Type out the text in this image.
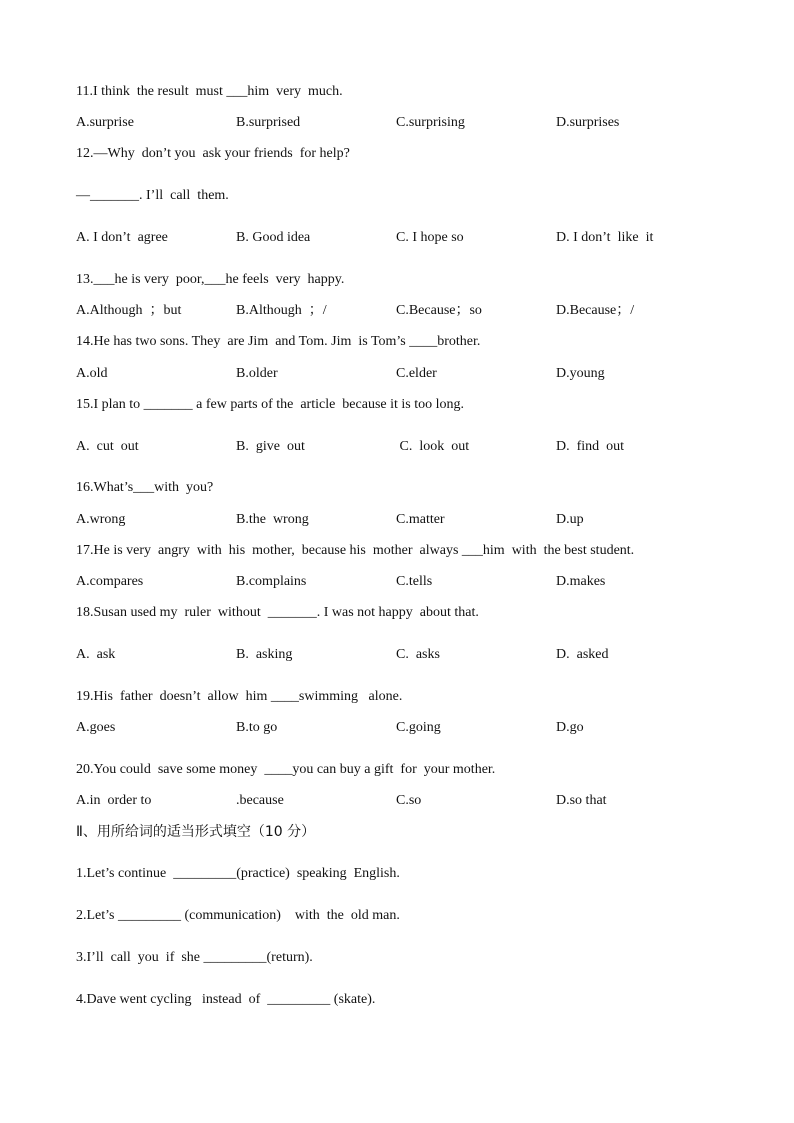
11.I think  the result  must ___him  very  much.
A.surprise	B.surprised	C.surprising	D.surprises
12.—Why  don’t you  ask your friends  for help?
—_______. I’ll  call  them.
A. I don’t  agree	B. Good idea	C. I hope so	D. I don’t  like  it
13.___he is very  poor,___he feels  very  happy.
A.Although  ；but	B.Although  ；/	C.Because；so	D.Because；/
14.He has two sons. They  are Jim  and Tom. Jim  is Tom’s ____brother.
A.old	B.older	C.elder	D.young
15.I plan to _______ a few parts of the  article  because it is too long.
A.  cut  out	B.  give  out	C.  look  out	D.  find  out
16.What’s___with  you?
A.wrong	B.the  wrong	C.matter	D.up
17.He is very  angry  with  his  mother,  because his  mother  always ___him  with  the best student.
A.compares	B.complains	C.tells	D.makes
18.Susan used my  ruler  without  _______. I was not happy  about that.
A.  ask	B.  asking	C.  asks	D.  asked
19.His  father  doesn’t  allow  him ____swimming   alone.
A.goes	B.to go	C.going	D.go
20.You could  save some money  ____you can buy a gift  for  your mother.
A.in  order to	.because	C.so	D.so that
Ⅱ、用所给词的适当形式填空（10 分）
1.Let’s continue  _________(practice)  speaking  English.
2.Let’s _________ (communication)    with  the  old man.
3.I’ll  call  you  if  she _________(return).
4.Dave went cycling   instead  of  _________ (skate).
